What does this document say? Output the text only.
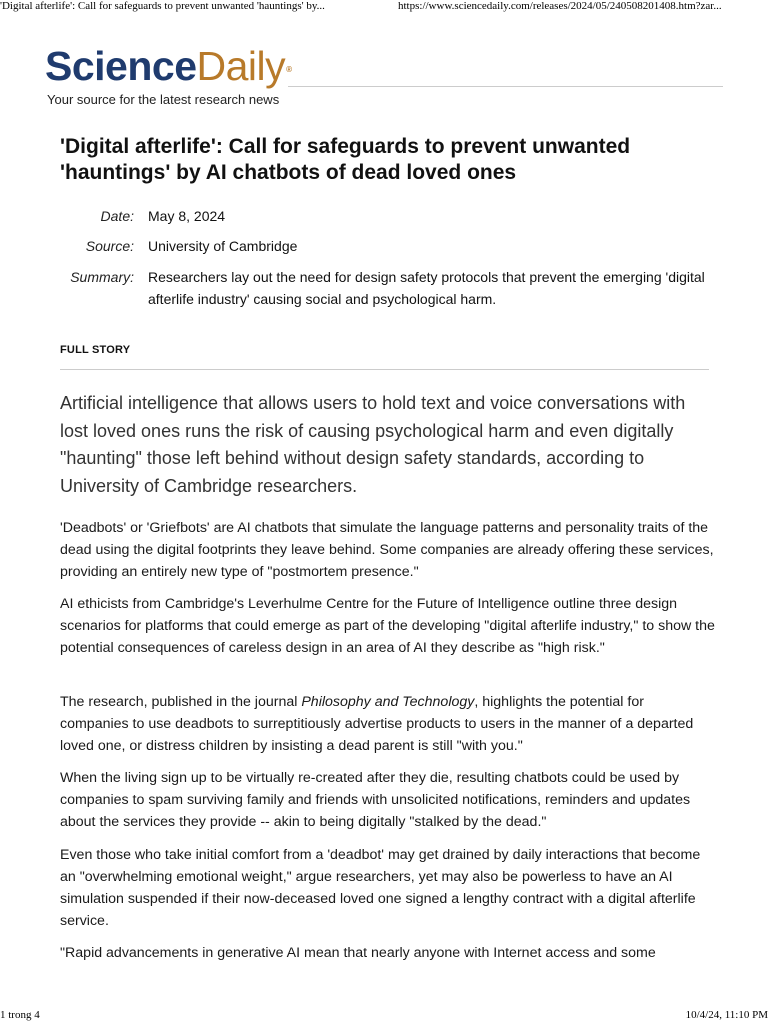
'Digital afterlife': Call for safeguards to prevent unwanted 'hauntings' by...	https://www.sciencedaily.com/releases/2024/05/240508201408.htm?zar...
ScienceDaily®
Your source for the latest research news
'Digital afterlife': Call for safeguards to prevent unwanted 'hauntings' by AI chatbots of dead loved ones
Date: May 8, 2024
Source: University of Cambridge
Summary: Researchers lay out the need for design safety protocols that prevent the emerging 'digital afterlife industry' causing social and psychological harm.
FULL STORY

Artificial intelligence that allows users to hold text and voice conversations with lost loved ones runs the risk of causing psychological harm and even digitally "haunting" those left behind without design safety standards, according to University of Cambridge researchers.

'Deadbots' or 'Griefbots' are AI chatbots that simulate the language patterns and personality traits of the dead using the digital footprints they leave behind. Some companies are already offering these services, providing an entirely new type of "postmortem presence."

AI ethicists from Cambridge's Leverhulme Centre for the Future of Intelligence outline three design scenarios for platforms that could emerge as part of the developing "digital afterlife industry," to show the potential consequences of careless design in an area of AI they describe as "high risk."

The research, published in the journal Philosophy and Technology, highlights the potential for companies to use deadbots to surreptitiously advertise products to users in the manner of a departed loved one, or distress children by insisting a dead parent is still "with you."

When the living sign up to be virtually re-created after they die, resulting chatbots could be used by companies to spam surviving family and friends with unsolicited notifications, reminders and updates about the services they provide -- akin to being digitally "stalked by the dead."

Even those who take initial comfort from a 'deadbot' may get drained by daily interactions that become an "overwhelming emotional weight," argue researchers, yet may also be powerless to have an AI simulation suspended if their now-deceased loved one signed a lengthy contract with a digital afterlife service.

"Rapid advancements in generative AI mean that nearly anyone with Internet access and some

1 trong 4	10/4/24, 11:10 PM
